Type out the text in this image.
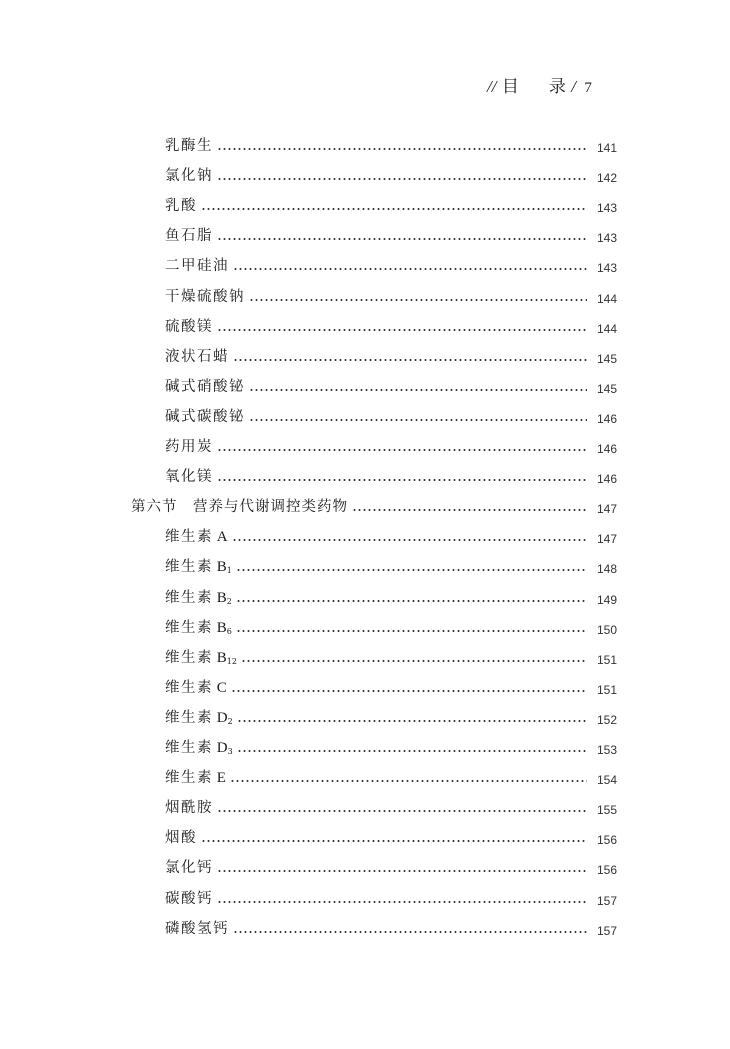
// 目 录 / 7
乳酶生	141
氯化钠	142
乳酸	143
鱼石脂	143
二甲硅油	143
干燥硫酸钠	144
硫酸镁	144
液状石蜡	145
碱式硝酸铋	145
碱式碳酸铋	146
药用炭	146
氧化镁	146
第六节　营养与代谢调控类药物	147
维生素 A	147
维生素 $B_1$	148
维生素 $B_2$	149
维生素 $B_6$	150
维生素 $B_{12}$	151
维生素 C	151
维生素 $D_2$	152
维生素 $D_3$	153
维生素 E	154
烟酰胺	155
烟酸	156
氯化钙	156
碳酸钙	157
磷酸氢钙	157
